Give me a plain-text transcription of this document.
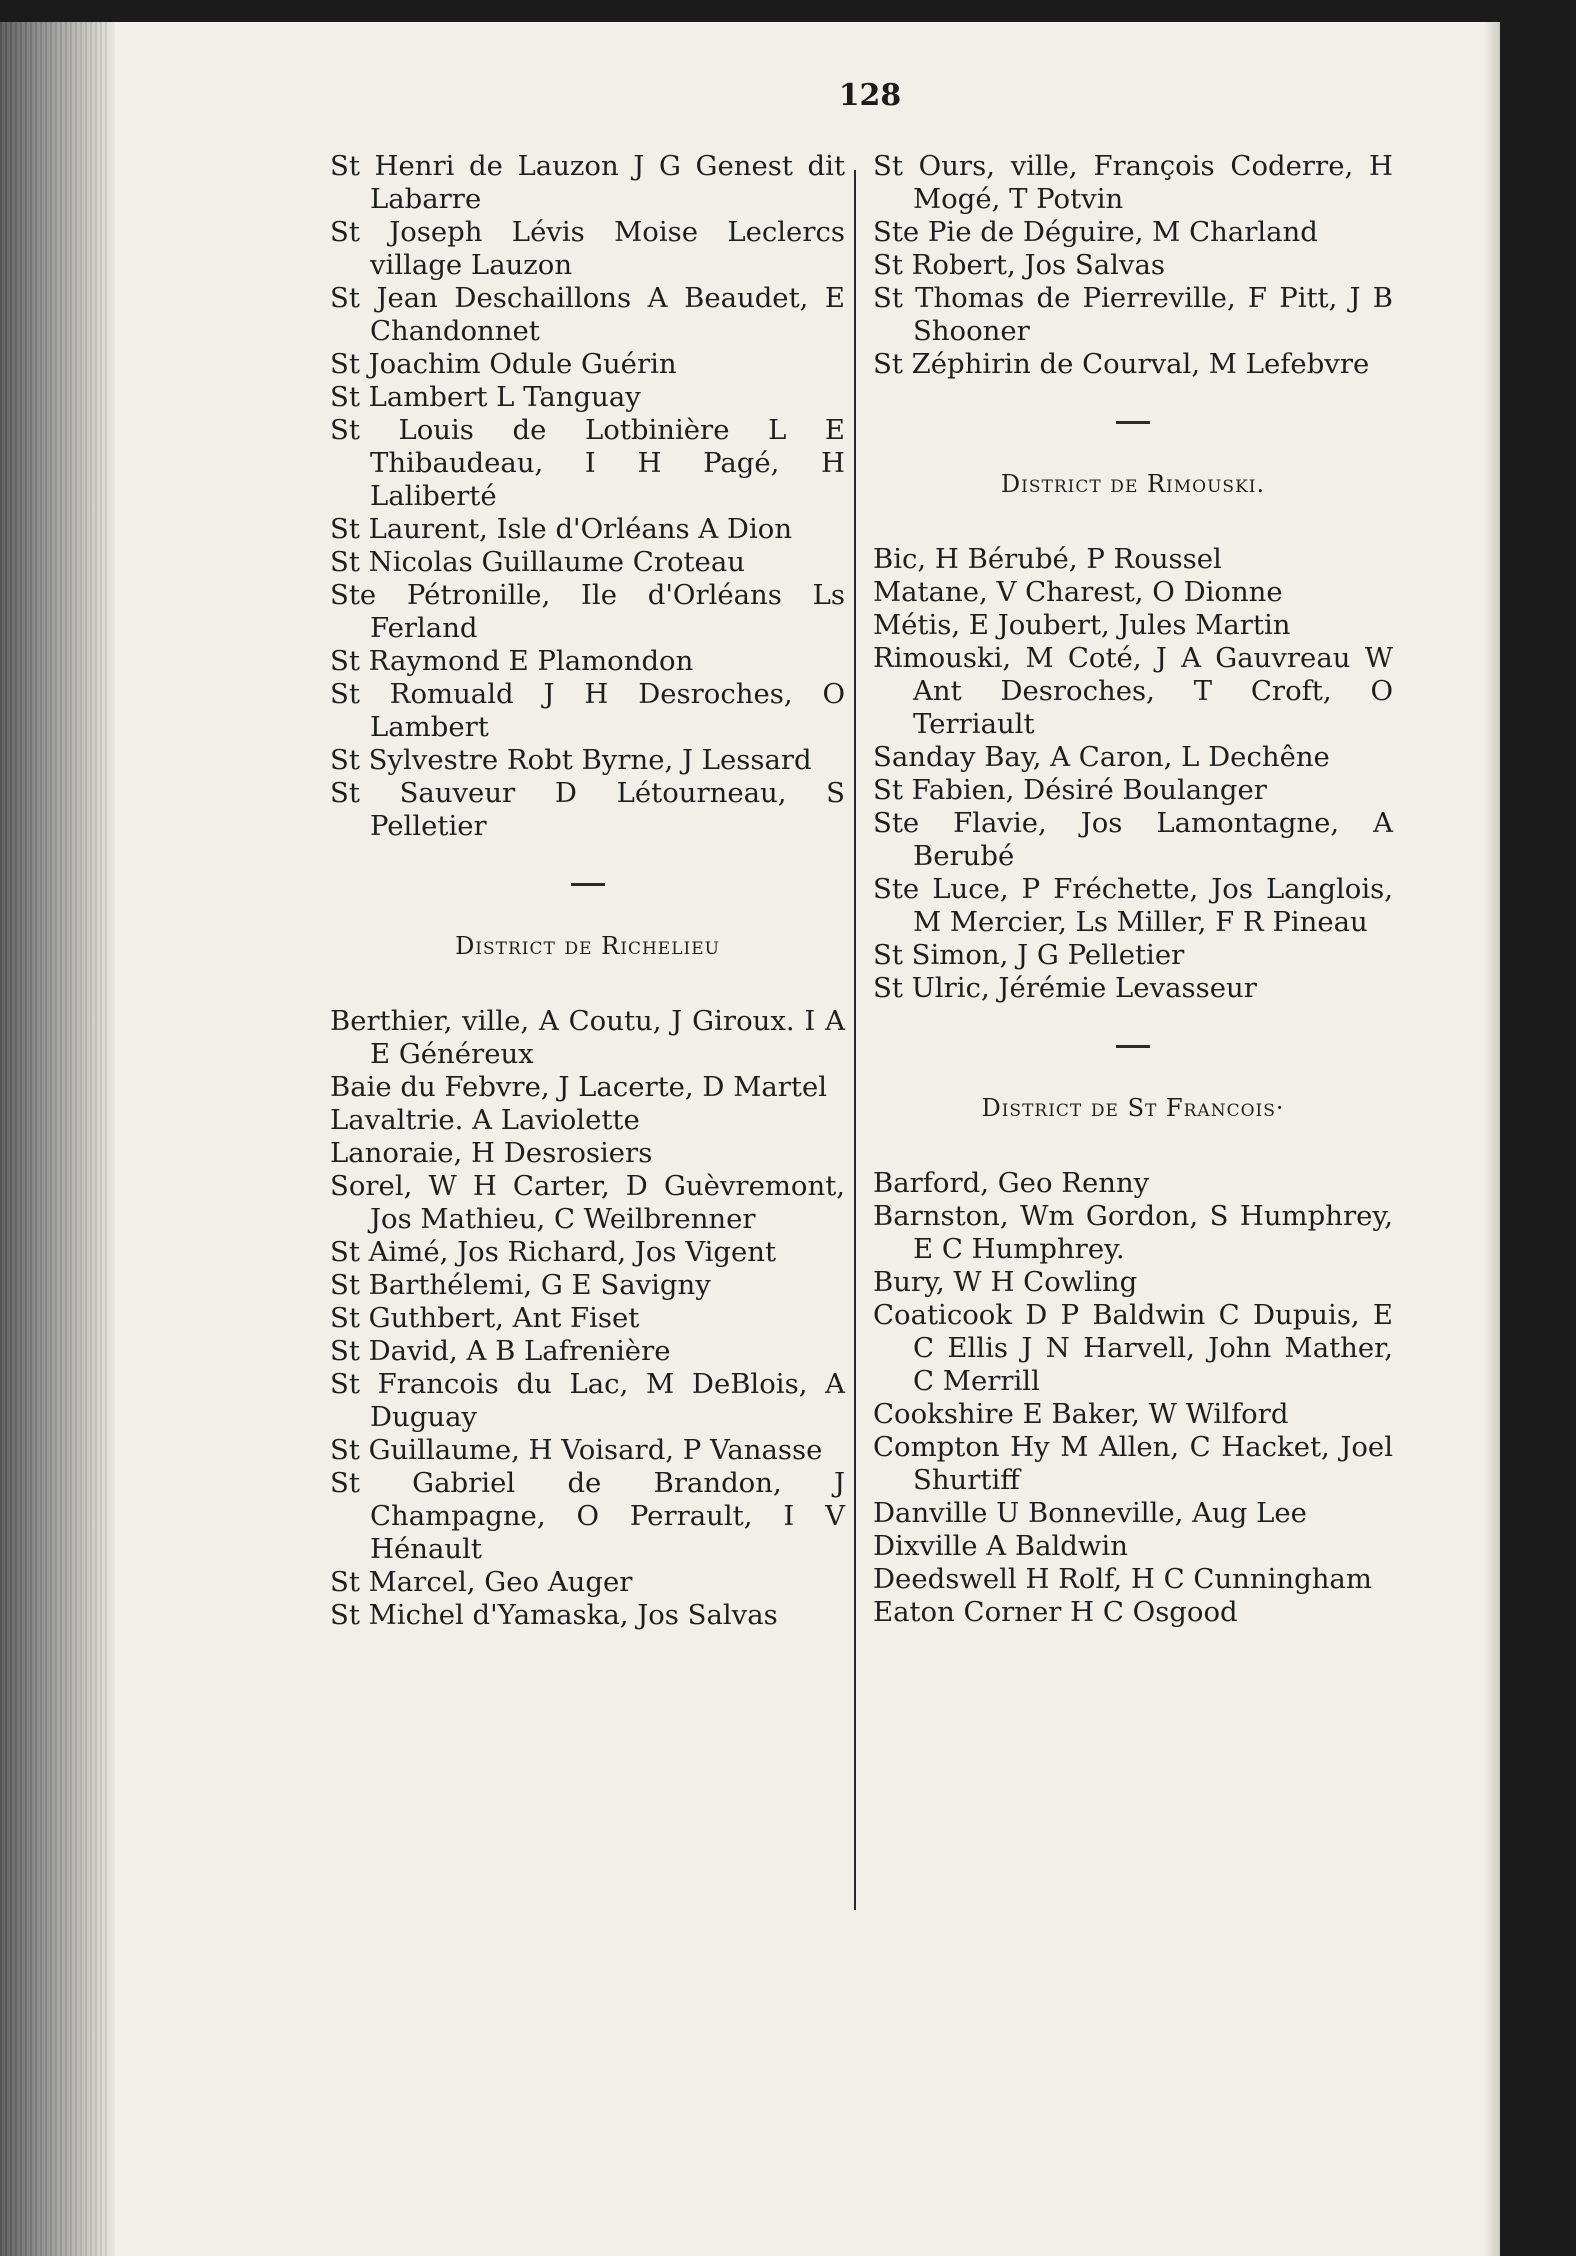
128

St Henri de Lauzon J G Genest dit Labarre

St Joseph Lévis Moise Leclercs village Lauzon

St Jean Deschaillons A Beaudet, E Chandonnet

St Joachim Odule Guérin

St Lambert L Tanguay

St Louis de Lotbinière L E Thibaudeau, I H Pagé, H Laliberté

St Laurent, Isle d'Orléans A Dion

St Nicolas Guillaume Croteau

Ste Pétronille, Ile d'Orléans Ls Ferland

St Raymond E Plamondon

St Romuald J H Desroches, O Lambert

St Sylvestre Robt Byrne, J Lessard

St Sauveur D Létourneau, S Pelletier

District de Richelieu

Berthier, ville, A Coutu, J Giroux. I A E Généreux

Baie du Febvre, J Lacerte, D Martel

Lavaltrie. A Laviolette

Lanoraie, H Desrosiers

Sorel, W H Carter, D Guèvremont, Jos Mathieu, C Weilbrenner

St Aimé, Jos Richard, Jos Vigent

St Barthélemi, G E Savigny

St Guthbert, Ant Fiset

St David, A B Lafrenière

St Francois du Lac, M DeBlois, A Duguay

St Guillaume, H Voisard, P Vanasse

St Gabriel de Brandon, J Champagne, O Perrault, I V Hénault

St Marcel, Geo Auger

St Michel d'Yamaska, Jos Salvas

St Ours, ville, François Coderre, H Mogé, T Potvin

Ste Pie de Déguire, M Charland

St Robert, Jos Salvas

St Thomas de Pierreville, F Pitt, J B Shooner

St Zéphirin de Courval, M Lefebvre

District de Rimouski.

Bic, H Bérubé, P Roussel

Matane, V Charest, O Dionne

Métis, E Joubert, Jules Martin

Rimouski, M Coté, J A Gauvreau W Ant Desroches, T Croft, O Terriault

Sanday Bay, A Caron, L Dechêne

St Fabien, Désiré Boulanger

Ste Flavie, Jos Lamontagne, A Berubé

Ste Luce, P Fréchette, Jos Langlois, M Mercier, Ls Miller, F R Pineau

St Simon, J G Pelletier

St Ulric, Jérémie Levasseur

District de St Francois·

Barford, Geo Renny

Barnston, Wm Gordon, S Humphrey, E C Humphrey.

Bury, W H Cowling

Coaticook D P Baldwin C Dupuis, E C Ellis J N Harvell, John Mather, C Merrill

Cookshire E Baker, W Wilford

Compton Hy M Allen, C Hacket, Joel Shurtiff

Danville U Bonneville, Aug Lee

Dixville A Baldwin

Deedswell H Rolf, H C Cunningham

Eaton Corner H C Osgood
